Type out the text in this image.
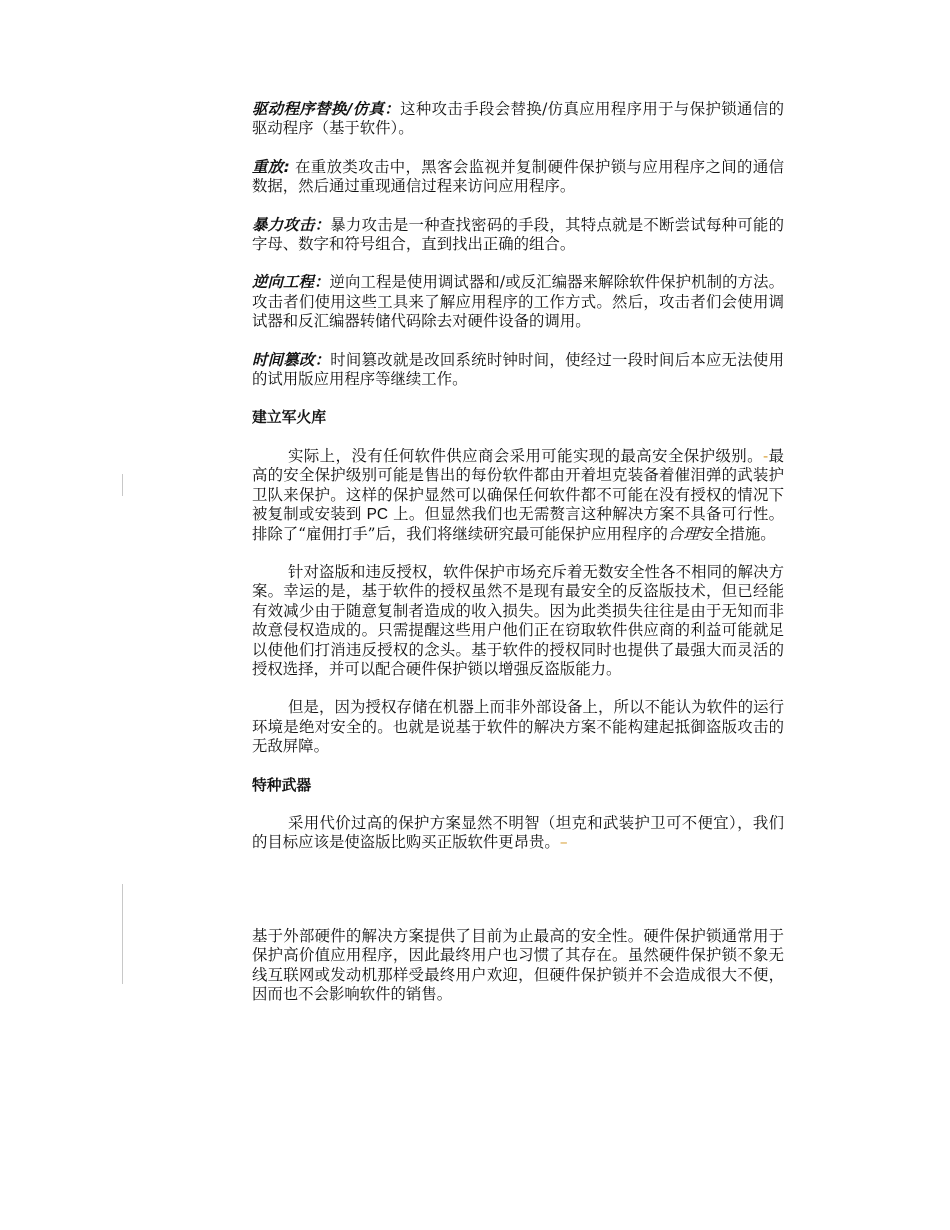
驱动程序替换/仿真：这种攻击手段会替换/仿真应用程序用于与保护锁通信的驱动程序（基于软件）。

重放: 在重放类攻击中，黑客会监视并复制硬件保护锁与应用程序之间的通信数据，然后通过重现通信过程来访问应用程序。

暴力攻击：暴力攻击是一种查找密码的手段，其特点就是不断尝试每种可能的字母、数字和符号组合，直到找出正确的组合。

逆向工程：逆向工程是使用调试器和/或反汇编器来解除软件保护机制的方法。攻击者们使用这些工具来了解应用程序的工作方式。然后，攻击者们会使用调试器和反汇编器转储代码除去对硬件设备的调用。

时间篡改：时间篡改就是改回系统时钟时间，使经过一段时间后本应无法使用的试用版应用程序等继续工作。

建立军火库

实际上，没有任何软件供应商会采用可能实现的最高安全保护级别。-最高的安全保护级别可能是售出的每份软件都由开着坦克装备着催泪弹的武装护卫队来保护。这样的保护显然可以确保任何软件都不可能在没有授权的情况下被复制或安装到 PC 上。但显然我们也无需赘言这种解决方案不具备可行性。排除了“雇佣打手”后，我们将继续研究最可能保护应用程序的合理安全措施。

针对盗版和违反授权，软件保护市场充斥着无数安全性各不相同的解决方案。幸运的是，基于软件的授权虽然不是现有最安全的反盗版技术，但已经能有效减少由于随意复制者造成的收入损失。因为此类损失往往是由于无知而非故意侵权造成的。只需提醒这些用户他们正在窃取软件供应商的利益可能就足以使他们打消违反授权的念头。基于软件的授权同时也提供了最强大而灵活的授权选择，并可以配合硬件保护锁以增强反盗版能力。

但是，因为授权存储在机器上而非外部设备上，所以不能认为软件的运行环境是绝对安全的。也就是说基于软件的解决方案不能构建起抵御盗版攻击的无敌屏障。

特种武器

采用代价过高的保护方案显然不明智（坦克和武装护卫可不便宜），我们的目标应该是使盗版比购买正版软件更昂贵。–

基于外部硬件的解决方案提供了目前为止最高的安全性。硬件保护锁通常用于保护高价值应用程序，因此最终用户也习惯了其存在。虽然硬件保护锁不象无线互联网或发动机那样受最终用户欢迎，但硬件保护锁并不会造成很大不便，因而也不会影响软件的销售。
